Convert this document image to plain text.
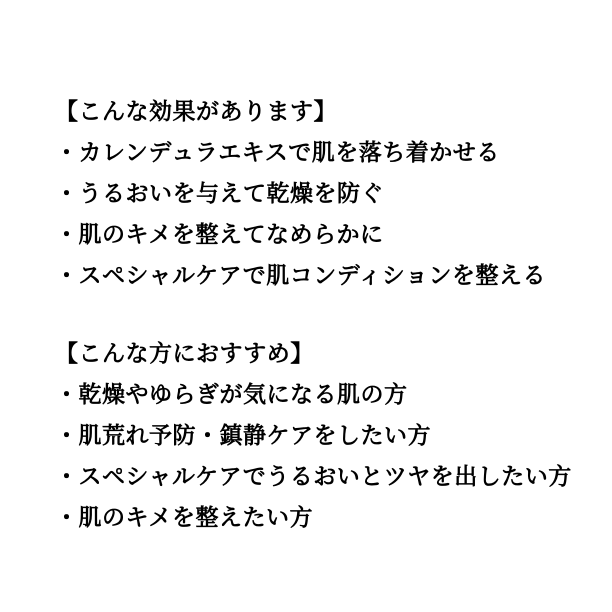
【こんな効果があります】
・カレンデュラエキスで肌を落ち着かせる
・うるおいを与えて乾燥を防ぐ
・肌のキメを整えてなめらかに
・スペシャルケアで肌コンディションを整える
【こんな方におすすめ】
・乾燥やゆらぎが気になる肌の方
・肌荒れ予防・鎮静ケアをしたい方
・スペシャルケアでうるおいとツヤを出したい方
・肌のキメを整えたい方
